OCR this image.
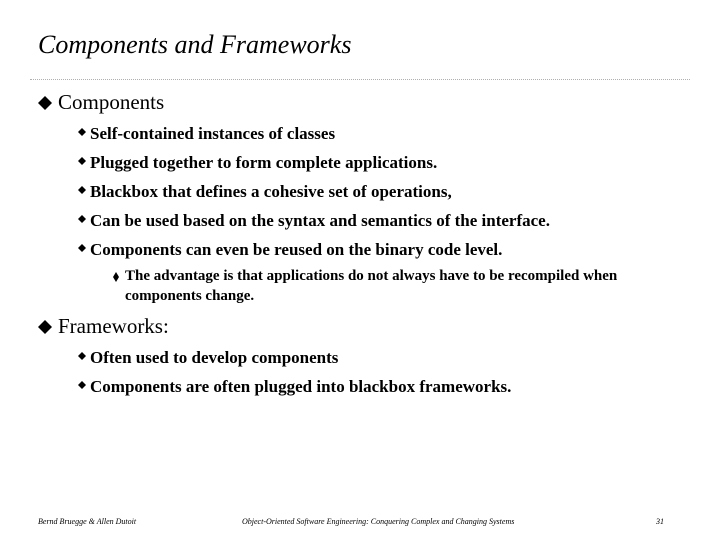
Components and Frameworks
Components
Self-contained instances of classes
Plugged together to form complete applications.
Blackbox that defines a cohesive set of operations,
Can be used based on the syntax and semantics of the interface.
Components can even be reused on the binary code level.
The advantage is that applications do not always have to be recompiled when components change.
Frameworks:
Often used to develop components
Components are often plugged into blackbox frameworks.
Bernd Bruegge & Allen Dutoit	Object-Oriented Software Engineering: Conquering Complex and Changing Systems	31
